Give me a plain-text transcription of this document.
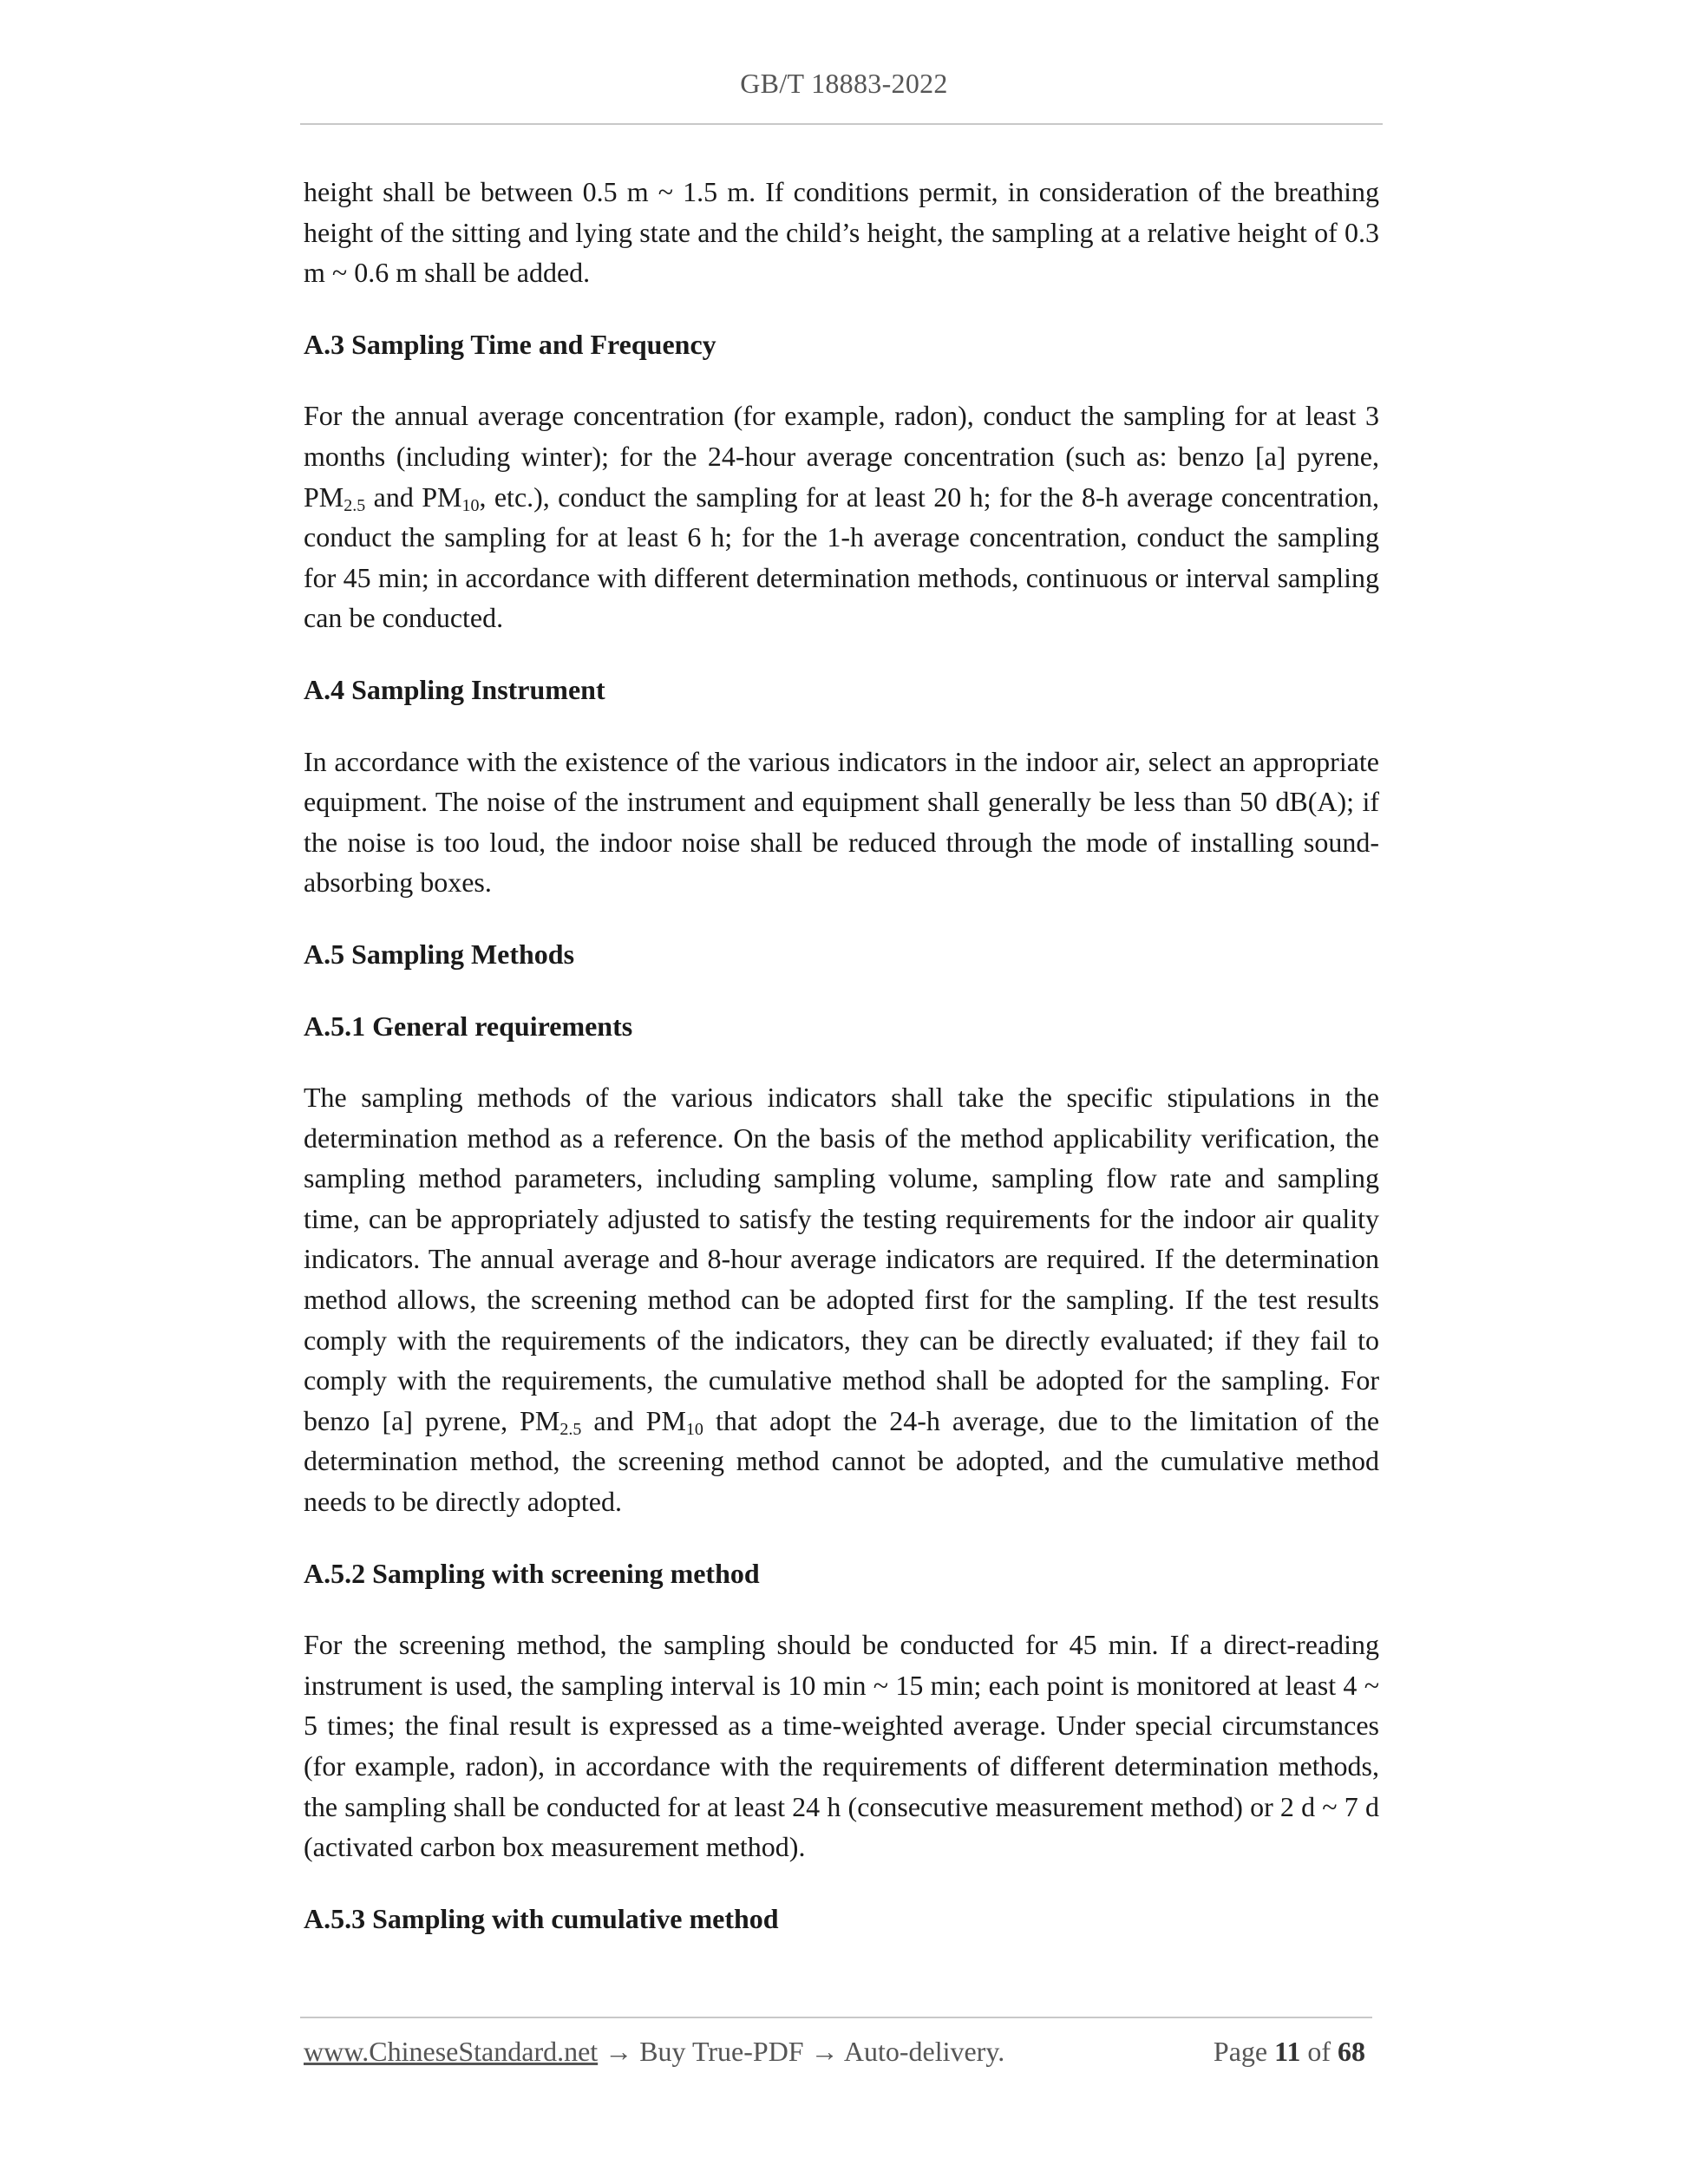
GB/T 18883-2022

height shall be between 0.5 m ~ 1.5 m. If conditions permit, in consideration of the breathing height of the sitting and lying state and the child’s height, the sampling at a relative height of 0.3 m ~ 0.6 m shall be added.

A.3 Sampling Time and Frequency

For the annual average concentration (for example, radon), conduct the sampling for at least 3 months (including winter); for the 24-hour average concentration (such as: benzo [a] pyrene, $PM_{2.5}$ and $PM_{10}$, etc.), conduct the sampling for at least 20 h; for the 8-h average concentration, conduct the sampling for at least 6 h; for the 1-h average concentration, conduct the sampling for 45 min; in accordance with different determination methods, continuous or interval sampling can be conducted.

A.4 Sampling Instrument

In accordance with the existence of the various indicators in the indoor air, select an appropriate equipment. The noise of the instrument and equipment shall generally be less than 50 dB(A); if the noise is too loud, the indoor noise shall be reduced through the mode of installing sound-absorbing boxes.

A.5 Sampling Methods
A.5.1 General requirements

The sampling methods of the various indicators shall take the specific stipulations in the determination method as a reference. On the basis of the method applicability verification, the sampling method parameters, including sampling volume, sampling flow rate and sampling time, can be appropriately adjusted to satisfy the testing requirements for the indoor air quality indicators. The annual average and 8-hour average indicators are required. If the determination method allows, the screening method can be adopted first for the sampling. If the test results comply with the requirements of the indicators, they can be directly evaluated; if they fail to comply with the requirements, the cumulative method shall be adopted for the sampling. For benzo [a] pyrene, $PM_{2.5}$ and $PM_{10}$ that adopt the 24-h average, due to the limitation of the determination method, the screening method cannot be adopted, and the cumulative method needs to be directly adopted.

A.5.2 Sampling with screening method

For the screening method, the sampling should be conducted for 45 min. If a direct-reading instrument is used, the sampling interval is 10 min ~ 15 min; each point is monitored at least 4 ~ 5 times; the final result is expressed as a time-weighted average. Under special circumstances (for example, radon), in accordance with the requirements of different determination methods, the sampling shall be conducted for at least 24 h (consecutive measurement method) or 2 d ~ 7 d (activated carbon box measurement method).

A.5.3 Sampling with cumulative method
www.ChineseStandard.net → Buy True-PDF → Auto-delivery.	Page 11 of 68
